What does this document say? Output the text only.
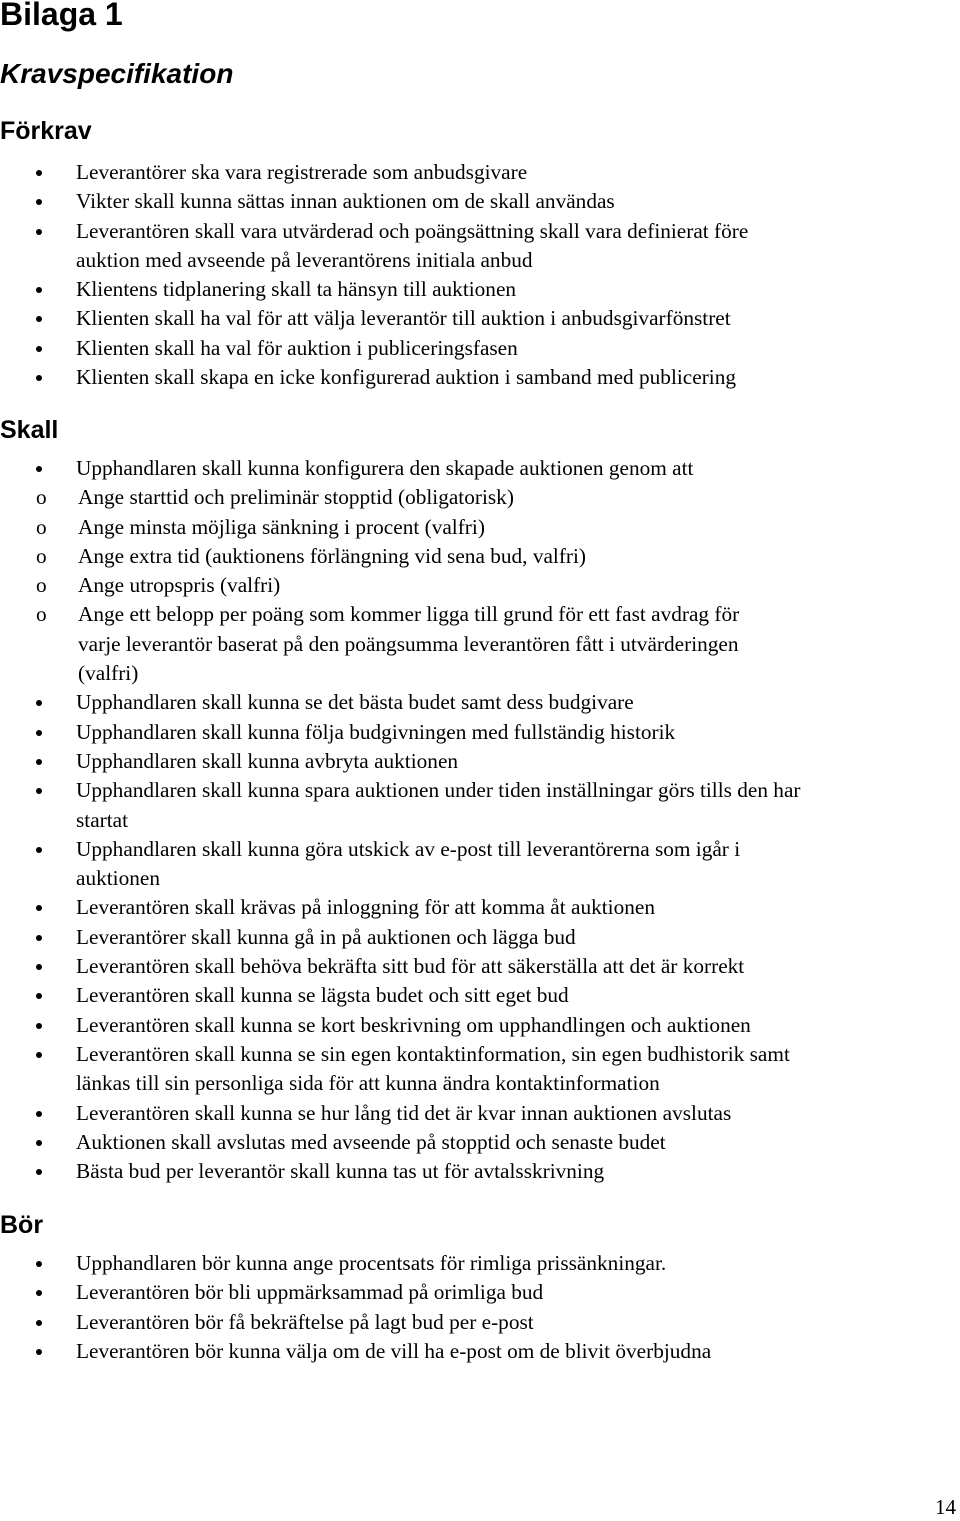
Bilaga 1
Kravspecifikation
Förkrav
Leverantörer ska vara registrerade som anbudsgivare
Vikter skall kunna sättas innan auktionen om de skall användas
Leverantören skall vara utvärderad och poängsättning skall vara definierat före
auktion med avseende på leverantörens initiala anbud
Klientens tidplanering skall ta hänsyn till auktionen
Klienten skall ha val för att välja leverantör till auktion i anbudsgivarfönstret
Klienten skall ha val för auktion i publiceringsfasen
Klienten skall skapa en icke konfigurerad auktion i samband med publicering
Skall
Upphandlaren skall kunna konfigurera den skapade auktionen genom att
o Ange starttid och preliminär stopptid (obligatorisk)
o Ange minsta möjliga sänkning i procent (valfri)
o Ange extra tid (auktionens förlängning vid sena bud, valfri)
o Ange utropspris (valfri)
o Ange ett belopp per poäng som kommer ligga till grund för ett fast avdrag för
varje leverantör baserat på den poängsumma leverantören fått i utvärderingen
(valfri)
Upphandlaren skall kunna se det bästa budet samt dess budgivare
Upphandlaren skall kunna följa budgivningen med fullständig historik
Upphandlaren skall kunna avbryta auktionen
Upphandlaren skall kunna spara auktionen under tiden inställningar görs tills den har
startat
Upphandlaren skall kunna göra utskick av e-post till leverantörerna som igår i
auktionen
Leverantören skall krävas på inloggning för att komma åt auktionen
Leverantörer skall kunna gå in på auktionen och lägga bud
Leverantören skall behöva bekräfta sitt bud för att säkerställa att det är korrekt
Leverantören skall kunna se lägsta budet och sitt eget bud
Leverantören skall kunna se kort beskrivning om upphandlingen och auktionen
Leverantören skall kunna se sin egen kontaktinformation, sin egen budhistorik samt
länkas till sin personliga sida för att kunna ändra kontaktinformation
Leverantören skall kunna se hur lång tid det är kvar innan auktionen avslutas
Auktionen skall avslutas med avseende på stopptid och senaste budet
Bästa bud per leverantör skall kunna tas ut för avtalsskrivning
Bör
Upphandlaren bör kunna ange procentsats för rimliga prissänkningar.
Leverantören bör bli uppmärksammad på orimliga bud
Leverantören bör få bekräftelse på lagt bud per e-post
Leverantören bör kunna välja om de vill ha e-post om de blivit överbjudna
14
